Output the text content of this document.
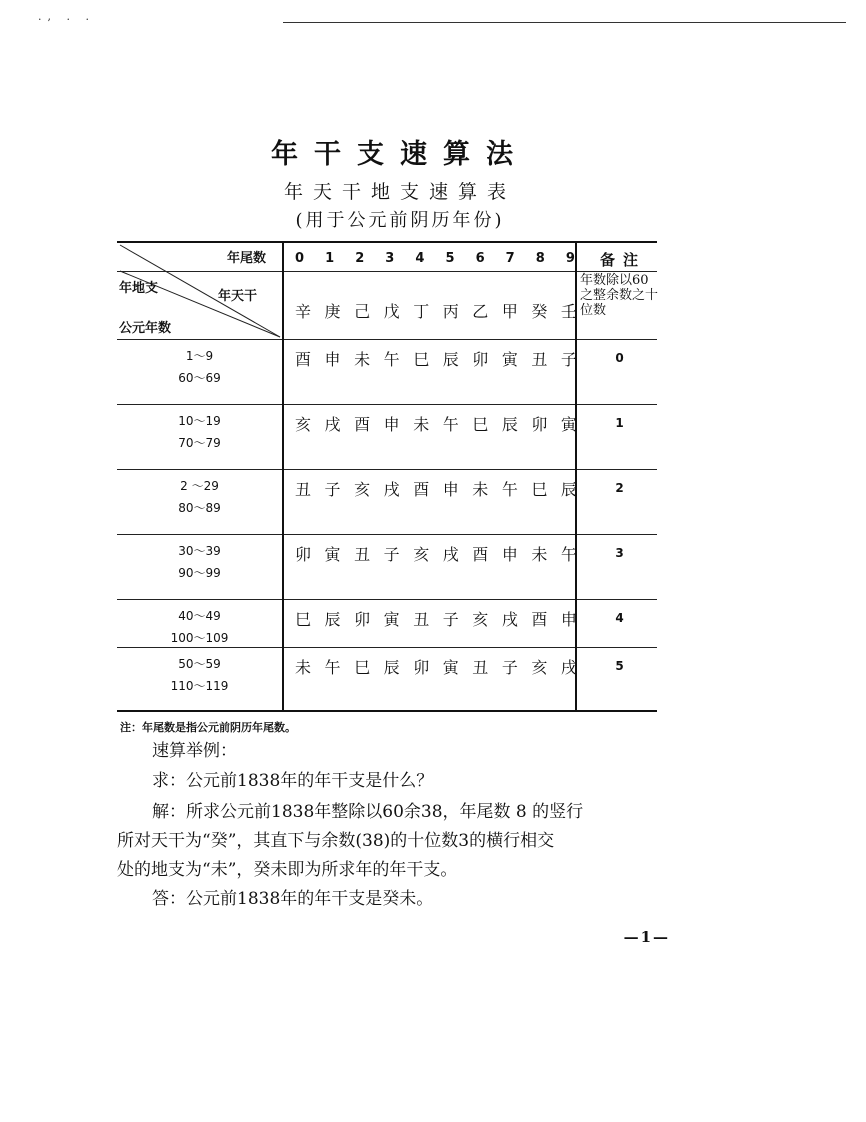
., . .
年干支速算法
年天干地支速算表
(用于公元前阴历年份)
年尾数
年天干
年地支
公元年数
0 1 2 3 4 5 6 7 8 9
辛 庚 己 戊 丁 丙 乙 甲 癸 壬
备注
年数除以60之整余数之十位数
1～9
60～69
酉 申 未 午 巳 辰 卯 寅 丑 子	0
10～19
70～79
亥 戌 酉 申 未 午 巳 辰 卯 寅	1
2 ～29
80～89
丑 子 亥 戌 酉 申 未 午 巳 辰	2
30～39
90～99
卯 寅 丑 子 亥 戌 酉 申 未 午	3
40～49
100～109
巳 辰 卯 寅 丑 子 亥 戌 酉 申	4
50～59
110～119
未 午 巳 辰 卯 寅 丑 子 亥 戌	5
注：年尾数是指公元前阴历年尾数。
速算举例：
求：公元前1838年的年干支是什么？
解：所求公元前1838年整除以60余38，年尾数 8 的竖行
所对天干为“癸”，其直下与余数(38)的十位数3的横行相交
处的地支为“未”，癸未即为所求年的年干支。
答：公元前1838年的年干支是癸未。
—1—
